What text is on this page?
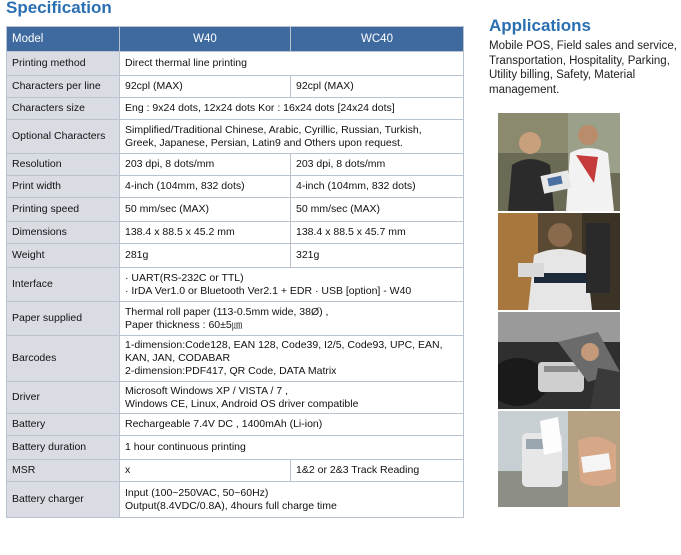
Specification
Model	W40	WC40
Printing method	Direct thermal line printing	

Characters per line	92cpl (MAX)	92cpl (MAX)

Characters size	Eng : 9x24 dots, 12x24 dots Kor : 16x24 dots [24x24 dots]	

Optional Characters	Simplified/Traditional Chinese, Arabic, Cyrillic, Russian, Turkish,
Greek, Japanese, Persian, Latin9 and Others upon request.	

Resolution	203 dpi, 8 dots/mm	203 dpi, 8 dots/mm

Print width	4-inch (104mm, 832 dots)	4-inch (104mm, 832 dots)

Printing speed	50 mm/sec (MAX)	50 mm/sec (MAX)

Dimensions	138.4 x 88.5 x 45.2 mm	138.4 x 88.5 x 45.7 mm

Weight	281g	321g

Interface	· UART(RS-232C or TTL)
· IrDA Ver1.0 or Bluetooth Ver2.1 + EDR · USB [option] - W40	

Paper supplied	Thermal roll paper (113-0.5mm wide, 38Ø) ,
Paper thickness : 60±5㎛	

Barcodes	1-dimension:Code128, EAN 128, Code39, I2/5, Code93, UPC, EAN,
KAN, JAN, CODABAR
2-dimension:PDF417, QR Code, DATA Matrix	

Driver	Microsoft Windows XP / VISTA / 7 ,
Windows CE, Linux, Android OS driver compatible	

Battery	Rechargeable 7.4V DC , 1400mAh (Li-ion)	

Battery duration	1 hour continuous printing	

MSR	x	1&2 or 2&3 Track Reading

Battery charger	Input (100~250VAC, 50~60Hz)
Output(8.4VDC/0.8A), 4hours full charge time	
Applications
Mobile POS, Field sales and service,
Transportation, Hospitality, Parking,
Utility billing, Safety, Material
management.
